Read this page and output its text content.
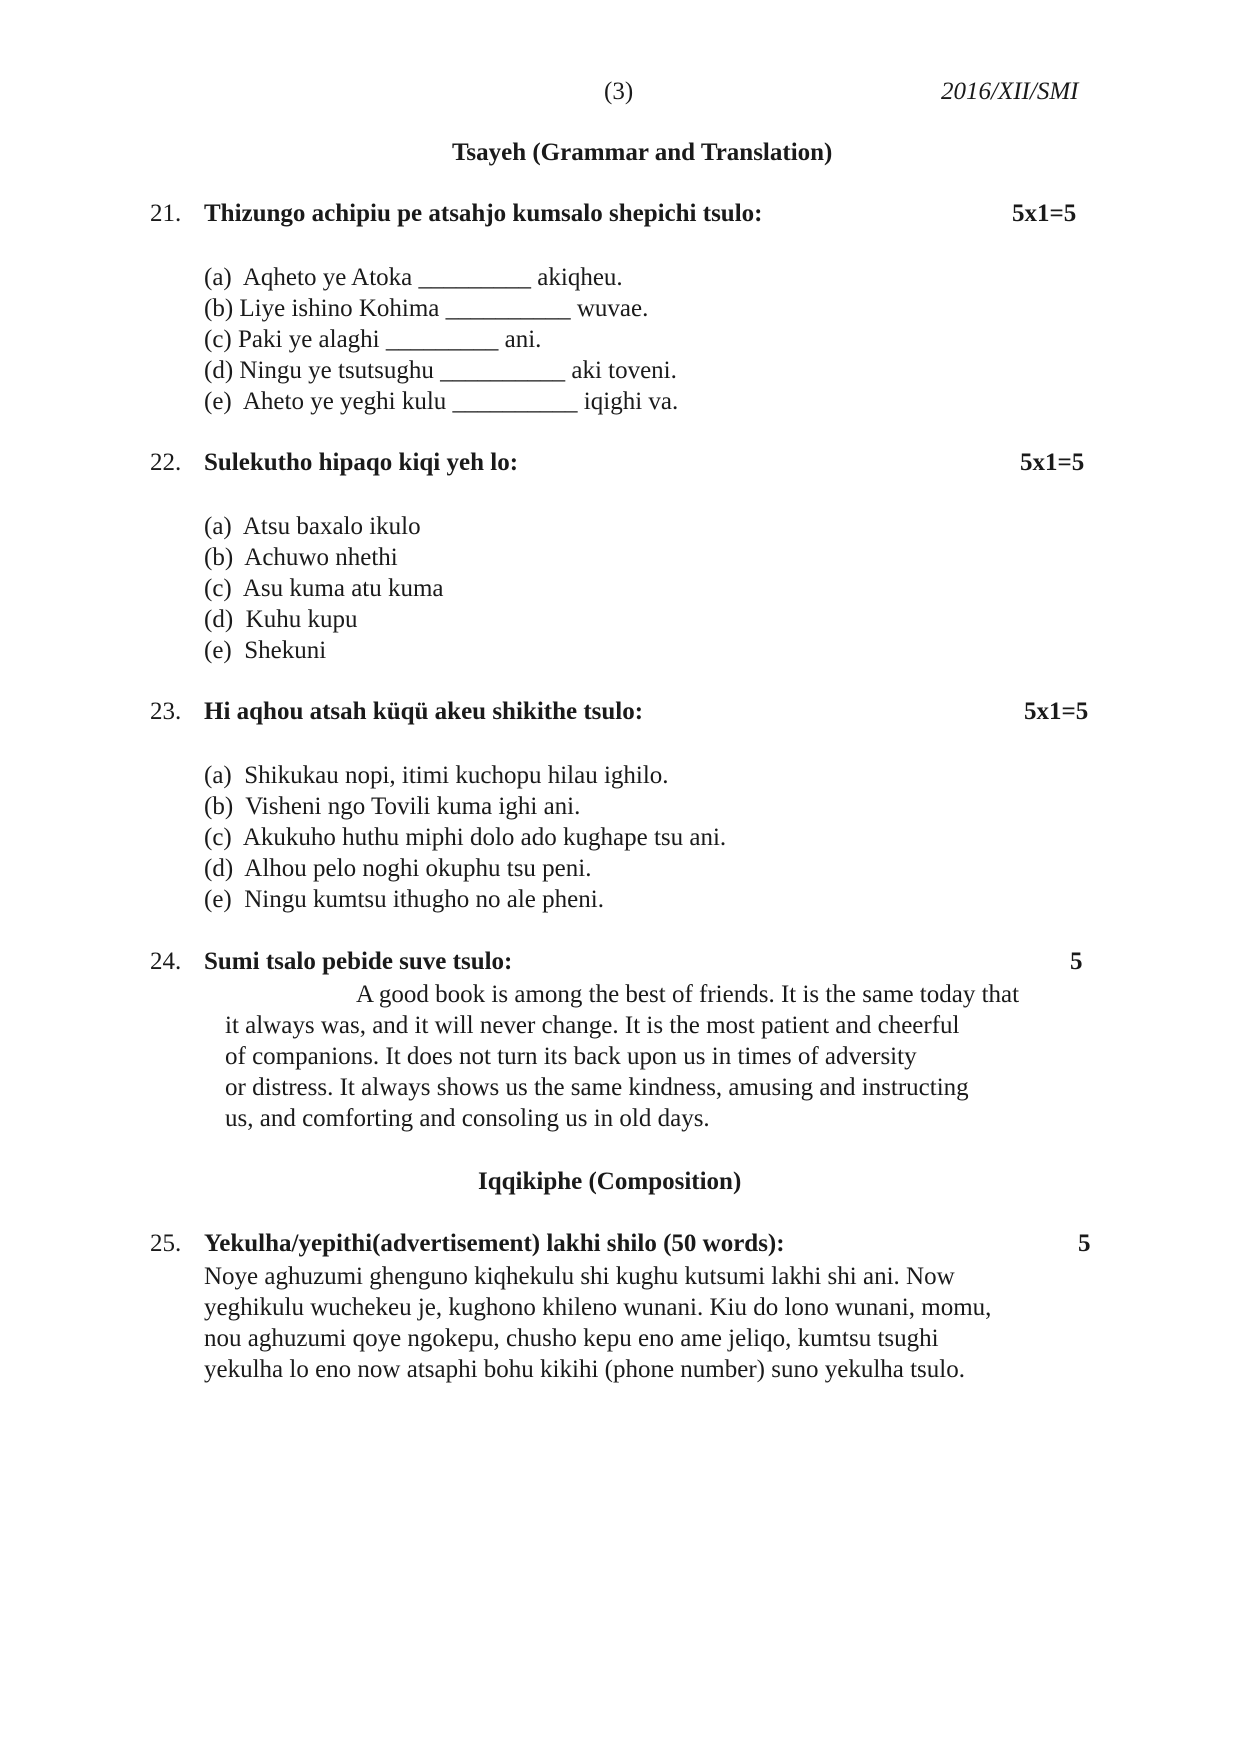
(3)	2016/XII/SMI
Tsayeh (Grammar and Translation)
21. Thizungo achipiu pe atsahjo kumsalo shepichi tsulo:	5x1=5
(a)  Aqheto ye Atoka _________ akiqheu.
(b) Liye ishino Kohima __________ wuvae.
(c) Paki ye alaghi _________ ani.
(d) Ningu ye tsutsughu __________ aki toveni.
(e)  Aheto ye yeghi kulu __________ iqighi va.
22. Sulekutho hipaqo kiqi yeh lo:	5x1=5
(a)  Atsu baxalo ikulo
(b)  Achuwo nhethi
(c)  Asu kuma atu kuma
(d)  Kuhu kupu
(e)  Shekuni
23. Hi aqhou atsah küqü akeu shikithe tsulo:	5x1=5
(a)  Shikukau nopi, itimi kuchopu hilau ighilo.
(b)  Visheni ngo Tovili kuma ighi ani.
(c)  Akukuho huthu miphi dolo ado kughape tsu ani.
(d)  Alhou pelo noghi okuphu tsu peni.
(e)  Ningu kumtsu ithugho no ale pheni.
24. Sumi tsalo pebide suve tsulo:	5
A good book is among the best of friends. It is the same today that
it always was, and it will never change. It is the most patient and cheerful
of companions. It does not turn its back upon us in times of adversity
or distress. It always shows us the same kindness, amusing and instructing
us, and comforting and consoling us in old days.
Iqqikiphe (Composition)
25. Yekulha/yepithi(advertisement) lakhi shilo (50 words):	5
Noye aghuzumi ghenguno kiqhekulu shi kughu kutsumi lakhi shi ani. Now
yeghikulu wuchekeu je, kughono khileno wunani. Kiu do lono wunani, momu,
nou aghuzumi qoye ngokepu, chusho kepu eno ame jeliqo, kumtsu tsughi
yekulha lo eno now atsaphi bohu kikihi (phone number) suno yekulha tsulo.
